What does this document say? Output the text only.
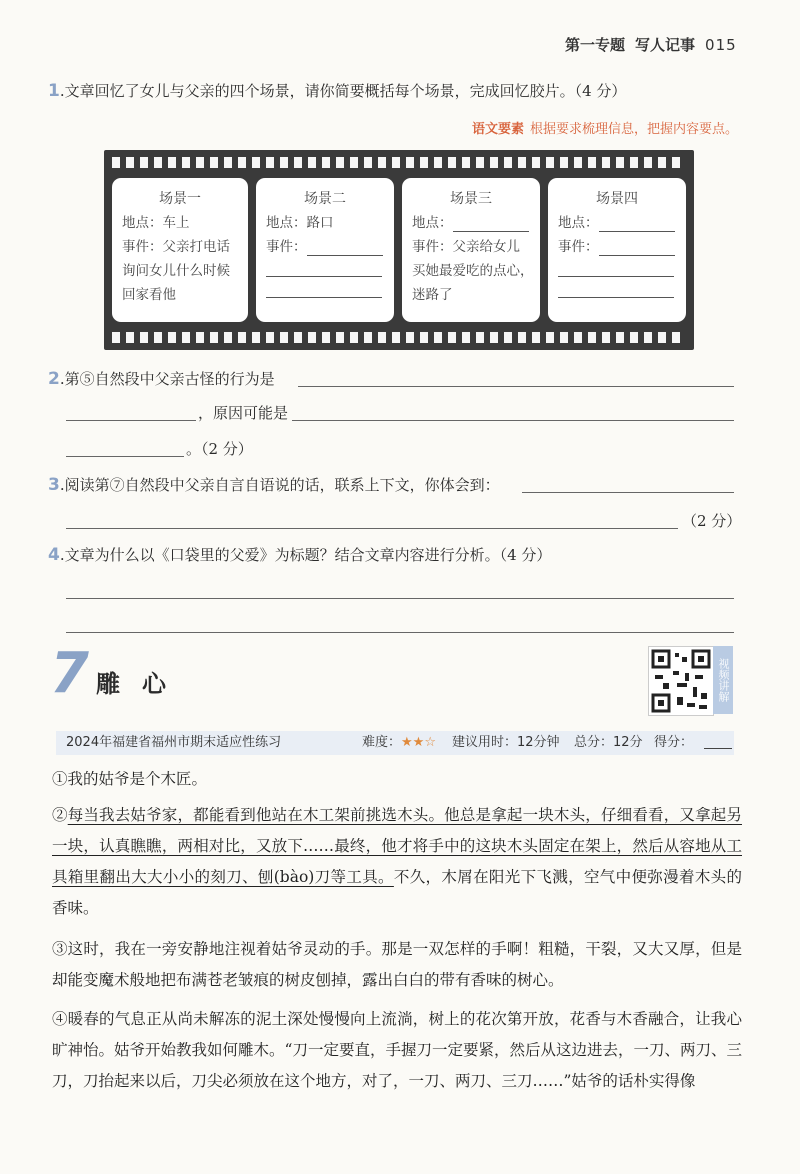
第一专题 写人记事 015
1.文章回忆了女儿与父亲的四个场景，请你简要概括每个场景，完成回忆胶片。（4 分）
语文要素 根据要求梳理信息，把握内容要点。
场景一
地点：车上
事件：父亲打电话
询问女儿什么时候
回家看他
场景二
地点：路口
事件：
场景三
地点：
事件：父亲给女儿
买她最爱吃的点心，
迷路了
场景四
地点：
事件：
2.第⑤自然段中父亲古怪的行为是
，原因可能是
。（2 分）
3.阅读第⑦自然段中父亲自言自语说的话，联系上下文，你体会到：
（2 分）
4.文章为什么以《口袋里的父爱》为标题？结合文章内容进行分析。（4 分）
7 雕心	视频讲解
2024年福建省福州市期末适应性练习	难度：★★☆ 建议用时：12分钟 总分：12分 得分：
①我的姑爷是个木匠。
②每当我去姑爷家，都能看到他站在木工架前挑选木头。他总是拿起一块木头，仔细看看，又拿起另一块，认真瞧瞧，两相对比，又放下……最终，他才将手中的这块木头固定在架上，然后从容地从工具箱里翻出大大小小的刻刀、刨(bào)刀等工具。不久，木屑在阳光下飞溅，空气中便弥漫着木头的香味。
③这时，我在一旁安静地注视着姑爷灵动的手。那是一双怎样的手啊！粗糙，干裂，又大又厚，但是却能变魔术般地把布满苍老皱痕的树皮刨掉，露出白白的带有香味的树心。
④暖春的气息正从尚未解冻的泥土深处慢慢向上流淌，树上的花次第开放，花香与木香融合，让我心旷神怡。姑爷开始教我如何雕木。“刀一定要直，手握刀一定要紧，然后从这边进去，一刀、两刀、三刀，刀抬起来以后，刀尖必须放在这个地方，对了，一刀、两刀、三刀……”姑爷的话朴实得像
